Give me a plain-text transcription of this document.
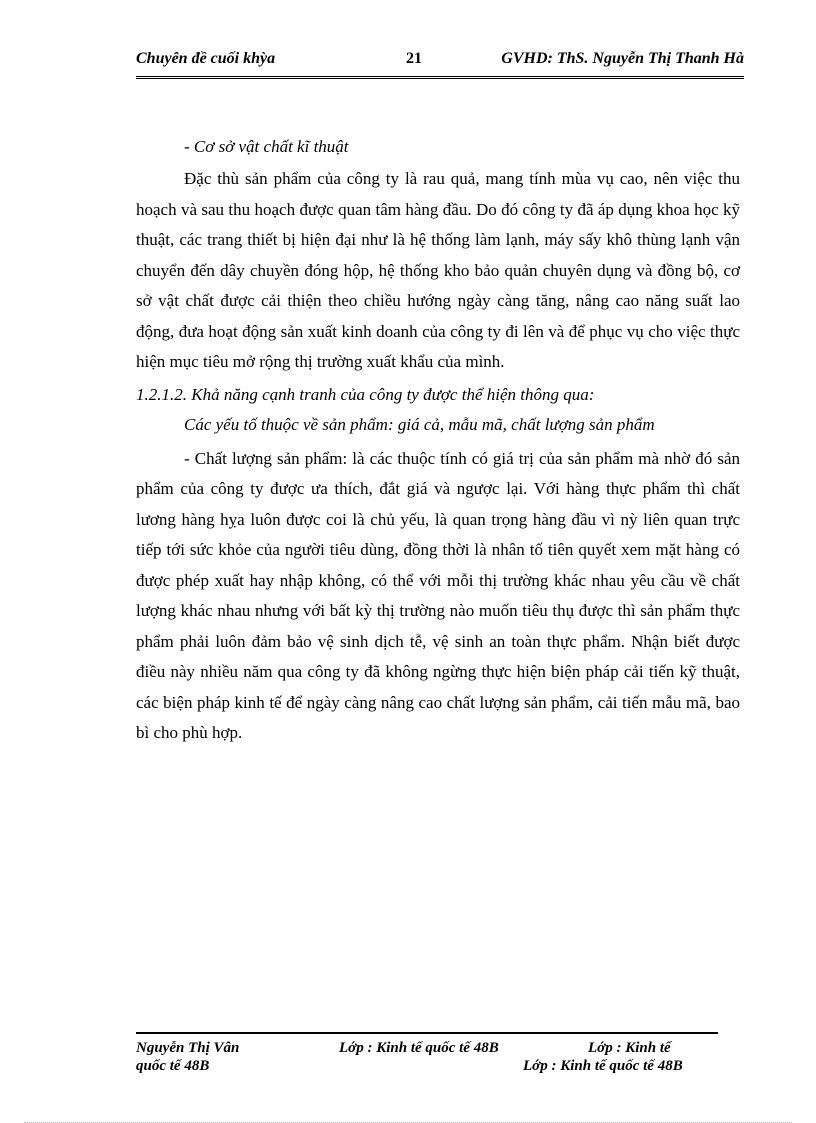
Chuyên đề cuối khỳa	21	GVHD: ThS. Nguyễn Thị Thanh Hà

- Cơ sở vật chất kĩ thuật

Đặc thù sản phẩm của công ty là rau quả, mang tính mùa vụ cao, nên việc thu hoạch và sau thu hoạch được quan tâm hàng đầu. Do đó công ty đã áp dụng khoa học kỹ thuật, các trang thiết bị hiện đại như là hệ thống làm lạnh, máy sấy khô thùng lạnh vận chuyển đến dây chuyền đóng hộp, hệ thống kho bảo quản chuyên dụng và đồng bộ, cơ sở vật chất được cải thiện theo chiều hướng ngày càng tăng, nâng cao năng suất lao động, đưa hoạt động sản xuất kinh doanh của công ty đi lên và để phục vụ cho việc thực hiện mục tiêu mở rộng thị trường xuất khẩu của mình.

1.2.1.2. Khả năng cạnh tranh của công ty được thể hiện thông qua:

Các yếu tố thuộc về sản phẩm: giá cả, mẫu mã, chất lượng sản phẩm

- Chất lượng sản phẩm: là các thuộc tính có giá trị của sản phẩm mà nhờ đó sản phẩm của công ty được ưa thích, đắt giá và ngược lại. Với hàng thực phẩm thì chất lương hàng hỵa luôn được coi là chủ yếu, là quan trọng hàng đầu vì nỳ liên quan trực tiếp tới sức khỏe của người tiêu dùng, đồng thời là nhân tố tiên quyết xem mặt hàng có được phép xuất hay nhập không, có thể với mỗi thị trường khác nhau yêu cầu về chất lượng khác nhau nhưng với bất kỳ thị trường nào muốn tiêu thụ được thì sản phẩm thực phẩm phải luôn đảm bảo vệ sinh dịch tễ, vệ sinh an toàn thực phẩm. Nhận biết được điều này nhiều năm qua công ty đã không ngừng thực hiện biện pháp cải tiến kỹ thuật, các biện pháp kinh tế để ngày càng nâng cao chất lượng sản phẩm, cải tiến mẫu mã, bao bì cho phù hợp.

Nguyễn Thị Vân	Lớp : Kinh tế quốc tế 48B	Lớp : Kinh tế
quốc tế 48B	Lớp : Kinh tế quốc tế 48B
